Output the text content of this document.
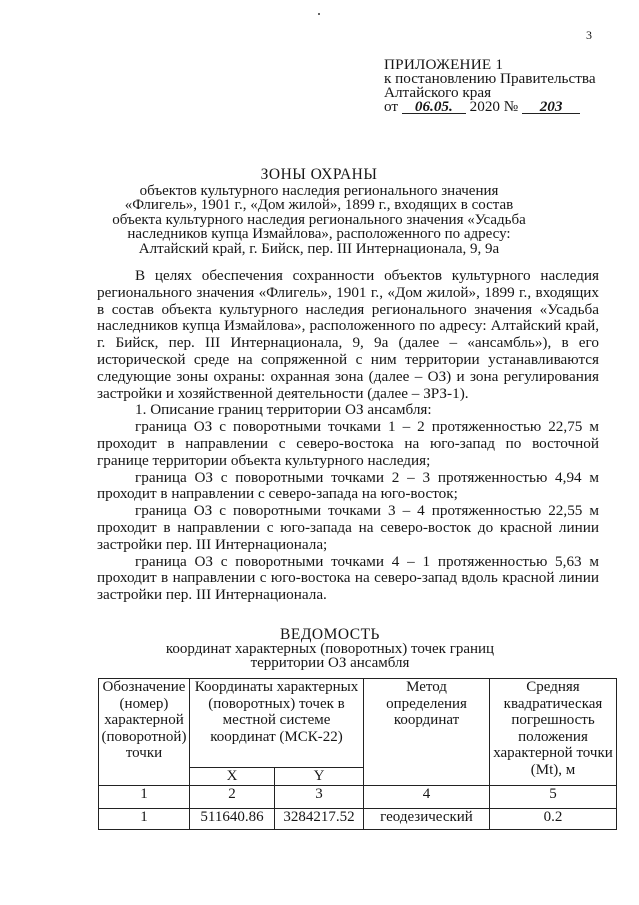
3
ПРИЛОЖЕНИЕ 1
к постановлению Правительства
Алтайского края
от 06.05. 2020 № 203
ЗОНЫ ОХРАНЫ
объектов культурного наследия регионального значения
«Флигель», 1901 г., «Дом жилой», 1899 г., входящих в состав
объекта культурного наследия регионального значения «Усадьба
наследников купца Измайлова», расположенного по адресу:
Алтайский край, г. Бийск, пер. III Интернационала, 9, 9а

В целях обеспечения сохранности объектов культурного наследия регионального значения «Флигель», 1901 г., «Дом жилой», 1899 г., входящих в состав объекта культурного наследия регионального значения «Усадьба наследников купца Измайлова», расположенного по адресу: Алтайский край, г. Бийск, пер. III Интернационала, 9, 9а (далее – «ансамбль»), в его исторической среде на сопряженной с ним территории устанавливаются следующие зоны охраны: охранная зона (далее – ОЗ) и зона регулирования застройки и хозяйственной деятельности (далее – ЗРЗ-1).

1. Описание границ территории ОЗ ансамбля:

граница ОЗ с поворотными точками 1 – 2 протяженностью 22,75 м проходит в направлении с северо-востока на юго-запад по восточной границе территории объекта культурного наследия;

граница ОЗ с поворотными точками 2 – 3 протяженностью 4,94 м проходит в направлении с северо-запада на юго-восток;

граница ОЗ с поворотными точками 3 – 4 протяженностью 22,55 м проходит в направлении с юго-запада на северо-восток до красной линии застройки пер. III Интернационала;

граница ОЗ с поворотными точками 4 – 1 протяженностью 5,63 м проходит в направлении с юго-востока на северо-запад вдоль красной линии застройки пер. III Интернационала.

ВЕДОМОСТЬ
координат характерных (поворотных) точек границ
территории ОЗ ансамбля
Обозначение (номер) характерной (поворотной) точки	Координаты характерных (поворотных) точек в местной системе координат (МСК-22)		Метод определения координат	Средняя квадратическая погрешность положения характерной точки (Mt), м
	X	Y		
1	2	3	4	5
1	511640.86	3284217.52	геодезический	0.2
